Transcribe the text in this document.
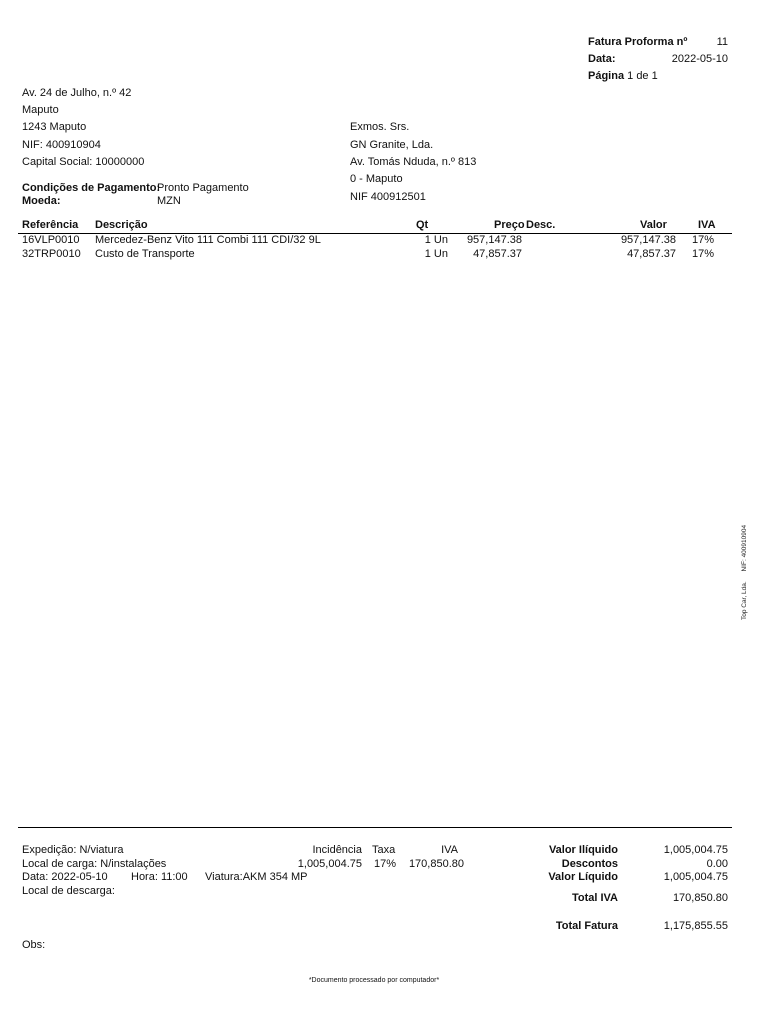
Fatura Proforma nº	11
Data:	2022-05-10
Página 1 de 1
Av. 24 de Julho, n.º 42
Maputo
1243 Maputo
NIF: 400910904
Capital Social: 10000000
Exmos. Srs.
GN Granite, Lda.
Av. Tomás Nduda, n.º 813
0 - Maputo
NIF 400912501
Condições de Pagamento:
Pronto Pagamento
Moeda:	MZN
Referência Descrição	Qt	Preço Desc.	Valor	IVA
16VLP0010 Mercedez-Benz Vito 111 Combi 111 CDI/32 9L	1 Un	957,147.38	957,147.38 17%
32TRP0010 Custo de Transporte	1 Un	47,857.37	47,857.37 17%
Top Car, Lda. NIF: 400910904
Expedição: N/viatura
Local de carga: N/instalações
Data: 2022-05-10 Hora: 11:00 Viatura:AKM 354 MP
Local de descarga:
Incidência Taxa	IVA
1,005,004.75 17%	170,850.80
Valor Ilíquido	1,005,004.75
Descontos	0.00
Valor Líquido	1,005,004.75
Total IVA	170,850.80
Total Fatura	1,175,855.55
Obs:
*Documento processado por computador*
